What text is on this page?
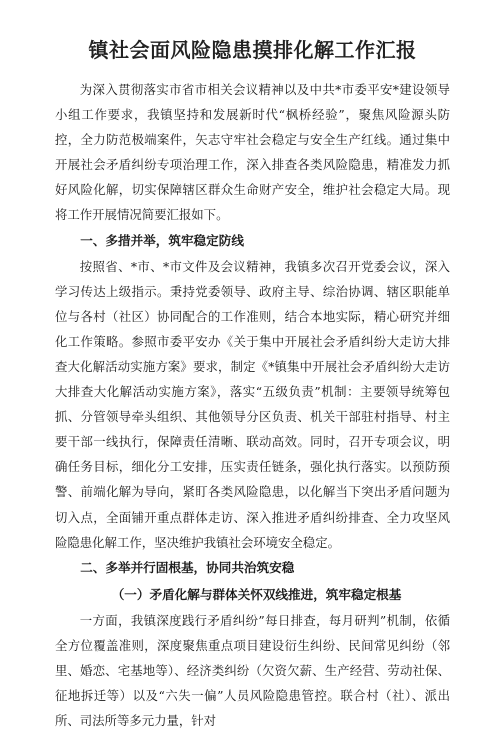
镇社会面风险隐患摸排化解工作汇报

为深入贯彻落实市省市相关会议精神以及中共*市委平安*建设领导小组工作要求，我镇坚持和发展新时代“枫桥经验”，聚焦风险源头防控，全力防范极端案件，矢志守牢社会稳定与安全生产红线。通过集中开展社会矛盾纠纷专项治理工作，深入排查各类风险隐患，精准发力抓好风险化解，切实保障辖区群众生命财产安全，维护社会稳定大局。现将工作开展情况简要汇报如下。

一、多措并举，筑牢稳定防线

按照省、*市、*市文件及会议精神，我镇多次召开党委会议，深入学习传达上级指示。秉持党委领导、政府主导、综治协调、辖区职能单位与各村（社区）协同配合的工作准则，结合本地实际，精心研究并细化工作策略。参照市委平安办《关于集中开展社会矛盾纠纷大走访大排查大化解活动实施方案》要求，制定《*镇集中开展社会矛盾纠纷大走访大排查大化解活动实施方案》，落实“五级负责”机制：主要领导统筹包抓、分管领导牵头组织、其他领导分区负责、机关干部驻村指导、村主要干部一线执行，保障责任清晰、联动高效。同时，召开专项会议，明确任务目标，细化分工安排，压实责任链条，强化执行落实。以预防预警、前端化解为导向，紧盯各类风险隐患，以化解当下突出矛盾问题为切入点，全面铺开重点群体走访、深入推进矛盾纠纷排查、全力攻坚风险隐患化解工作，坚决维护我镇社会环境安全稳定。

二、多举并行固根基，协同共治筑安稳

（一）矛盾化解与群体关怀双线推进，筑牢稳定根基

一方面，我镇深度践行矛盾纠纷”每日排查，每月研判”机制，依循全方位覆盖准则，深度聚焦重点项目建设衍生纠纷、民间常见纠纷（邻里、婚恋、宅基地等）、经济类纠纷（欠资欠薪、生产经营、劳动社保、征地拆迁等）以及“六失一偏”人员风险隐患管控。联合村（社）、派出所、司法所等多元力量，针对
